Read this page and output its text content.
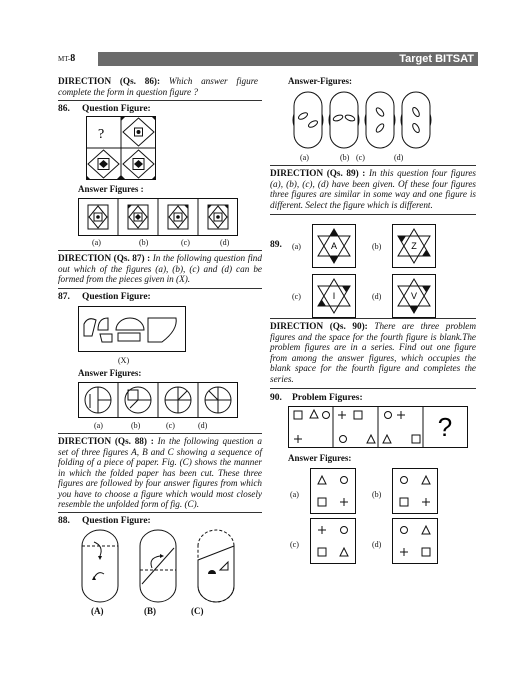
MT-8	Target BITSAT
DIRECTION (Qs. 86): Which answer figure complete the form in question figure ?
86. Question Figure:
?
Answer Figures :
(a)	(b)	(c)	(d)
DIRECTION (Qs. 87) : In the following question find out which of the figures (a), (b), (c) and (d) can be formed from the pieces given in (X).
87. Question Figure:
(X)
Answer Figures:
(a)	(b)	(c)	(d)
DIRECTION (Qs. 88) : In the following question a set of three figures A, B and C showing a sequence of folding of a piece of paper. Fig. (C) shows the manner in which the folded paper has been cut. These three figures are followed by four answer figures from which you have to choose a figure which would most closely resemble the unfolded form of fig. (C).
88. Question Figure:
(A)	(B)	(C)
Answer-Figures:
(a)	(b) (c)	(d)
DIRECTION (Qs. 89) : In this question four figures (a), (b), (c), (d) have been given. Of these four figures three figures are similar in some way and one figure is different. Select the figure which is different.
89. (a)	(b)
(c)	(d)
A	Z
I	V
DIRECTION (Qs. 90): There are three problem figures and the space for the fourth figure is blank.The problem figures are in a series. Find out one figure from among the answer figures, which occupies the blank space for the fourth figure and completes the series.
90. Problem Figures:
?
Answer Figures:
(a)	(b)
(c)	(d)
